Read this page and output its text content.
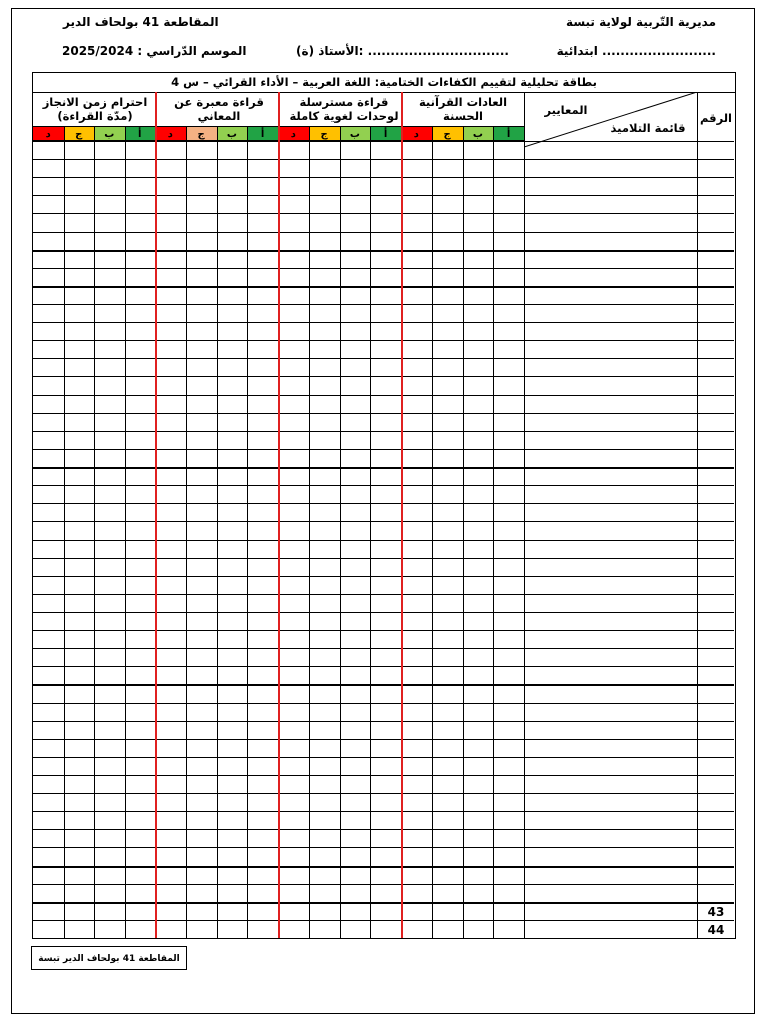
مديرية التّربية لولاية تبسة
ابتدائية .........................
المقاطعة 41 بولحاف الدير
الأستاذ (ة): ...............................
الموسم الدّراسي : 2025/2024
بطاقة تحليلية لتقييم الكفاءات الختامية: اللغة العربية – الأداء القرائي – س 4
الرقم
المعايير
قائمة التلاميذ
العادات القرآنية الحسنة
قراءة مسترسلة لوحدات لغوية كاملة
قراءة معبرة عن المعاني
احترام زمن الانجاز (مدّة القراءة)
أ
ب
ج
د
أ
ب
ج
د
أ
ب
ج
د
أ
ب
ج
د
43
44
المقاطعة 41 بولحاف الدير تبسة
